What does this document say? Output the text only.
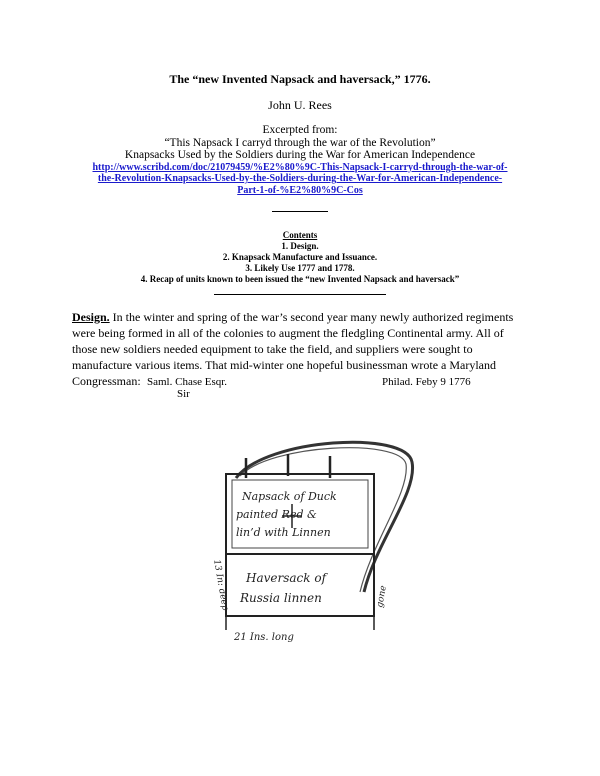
The “new Invented Napsack and haversack,” 1776.
John U. Rees
Excerpted from:
“This Napsack I carryd through the war of the Revolution”
Knapsacks Used by the Soldiers during the War for American Independence
http://www.scribd.com/doc/21079459/%E2%80%9C-This-Napsack-I-carryd-through-the-war-of-
the-Revolution-Knapsacks-Used-by-the-Soldiers-during-the-War-for-American-Independence-
Part-1-of-%E2%80%9C-Cos
Contents
1. Design.
2. Knapsack Manufacture and Issuance.
3. Likely Use 1777 and 1778.
4. Recap of units known to been issued the “new Invented Napsack and haversack”
Design. In the winter and spring of the war’s second year many newly authorized regiments were being formed in all of the colonies to augment the fledgling Continental army. All of those new soldiers needed equipment to take the field, and suppliers were sought to manufacture various items. That mid-winter one hopeful businessman wrote a Maryland Congressman: Saml. Chase Esqr.
Sir
Philad. Feby 9 1776
Napsack of Duck
painted Red &
lin’d with Linnen
Haversack of
Russia linnen
13 In: deep	gone
21 Ins. long
